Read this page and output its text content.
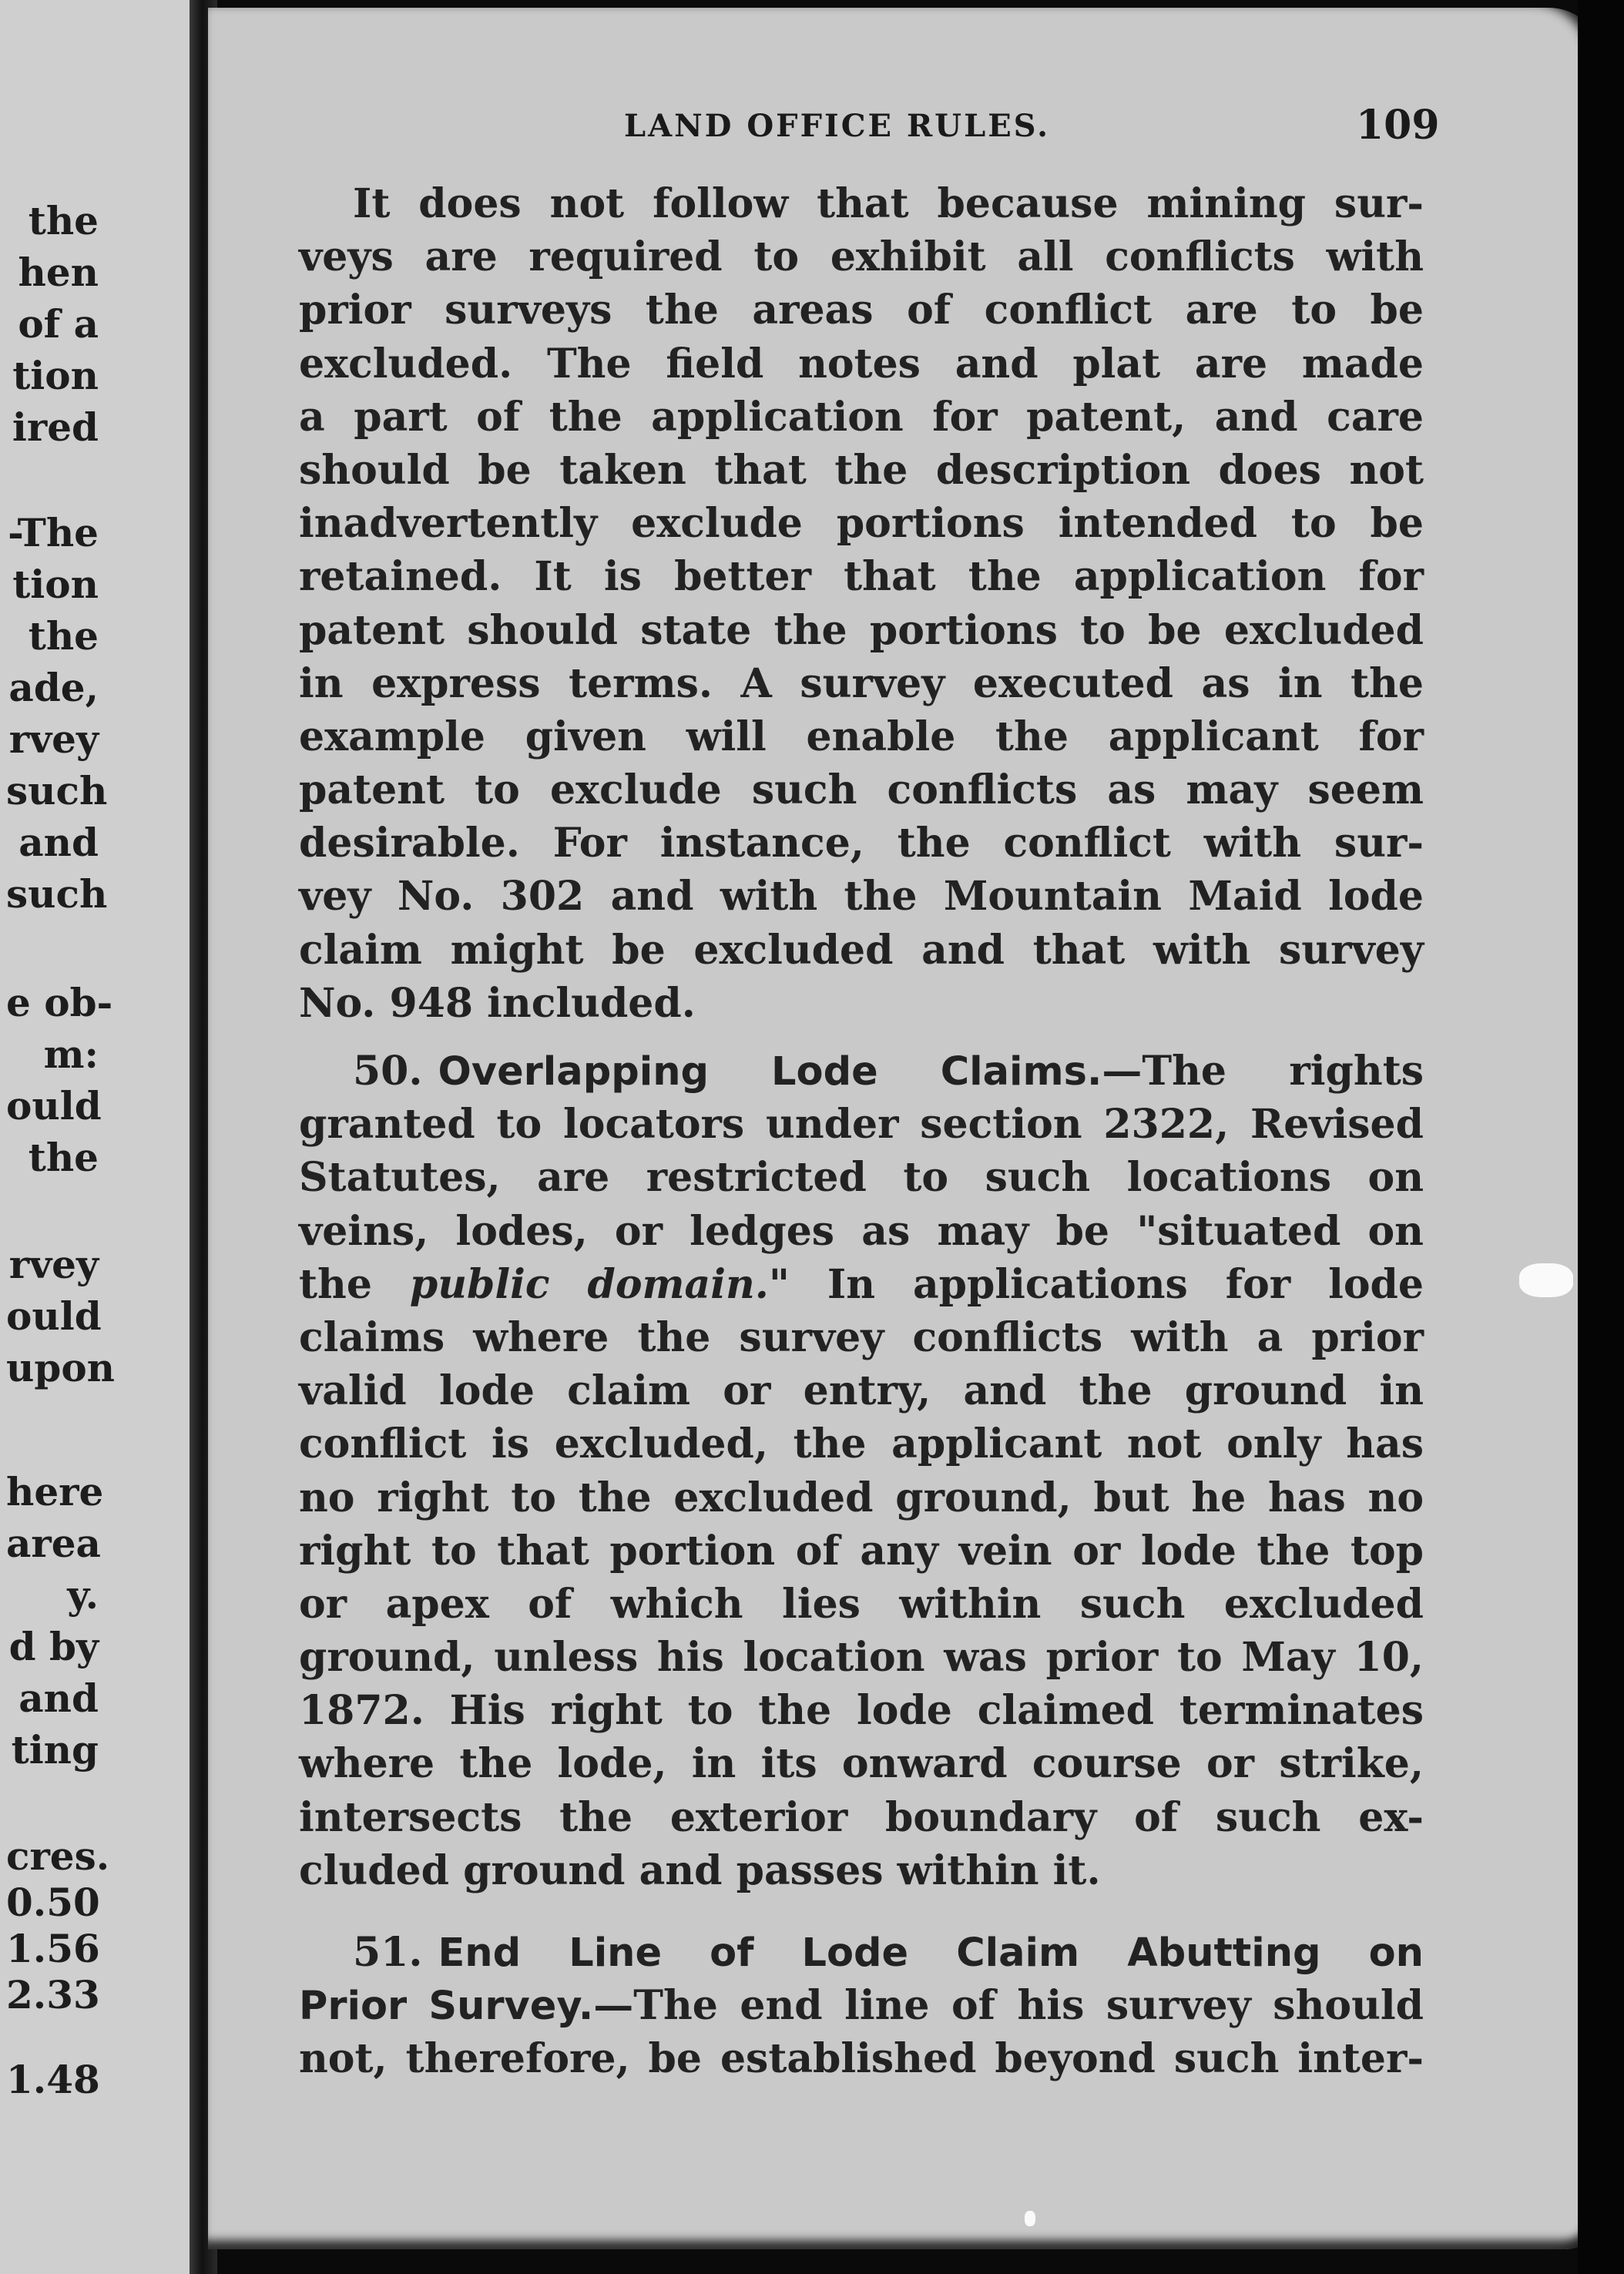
the
hen
of a
tion
ired
-The
tion
the
ade,
rvey
such
and
such
e ob-
m:
ould
the
rvey
ould
upon
here
area
y.
d by
and
ting
cres.
0.50
1.56
2.33
1.48
LAND OFFICE RULES.	109
It does not follow that because mining sur-
veys are required to exhibit all conflicts with
prior surveys the areas of conflict are to be
excluded. The field notes and plat are made
a part of the application for patent, and care
should be taken that the description does not
inadvertently exclude portions intended to be
retained. It is better that the application for
patent should state the portions to be excluded
in express terms. A survey executed as in the
example given will enable the applicant for
patent to exclude such conflicts as may seem
desirable. For instance, the conflict with sur-
vey No. 302 and with the Mountain Maid lode
claim might be excluded and that with survey
No. 948 included.
50. Overlapping Lode Claims.—The rights
granted to locators under section 2322, Revised
Statutes, are restricted to such locations on
veins, lodes, or ledges as may be "situated on
the public domain." In applications for lode
claims where the survey conflicts with a prior
valid lode claim or entry, and the ground in
conflict is excluded, the applicant not only has
no right to the excluded ground, but he has no
right to that portion of any vein or lode the top
or apex of which lies within such excluded
ground, unless his location was prior to May 10,
1872. His right to the lode claimed terminates
where the lode, in its onward course or strike,
intersects the exterior boundary of such ex-
cluded ground and passes within it.
51. End Line of Lode Claim Abutting on
Prior Survey.—The end line of his survey should
not, therefore, be established beyond such inter-
